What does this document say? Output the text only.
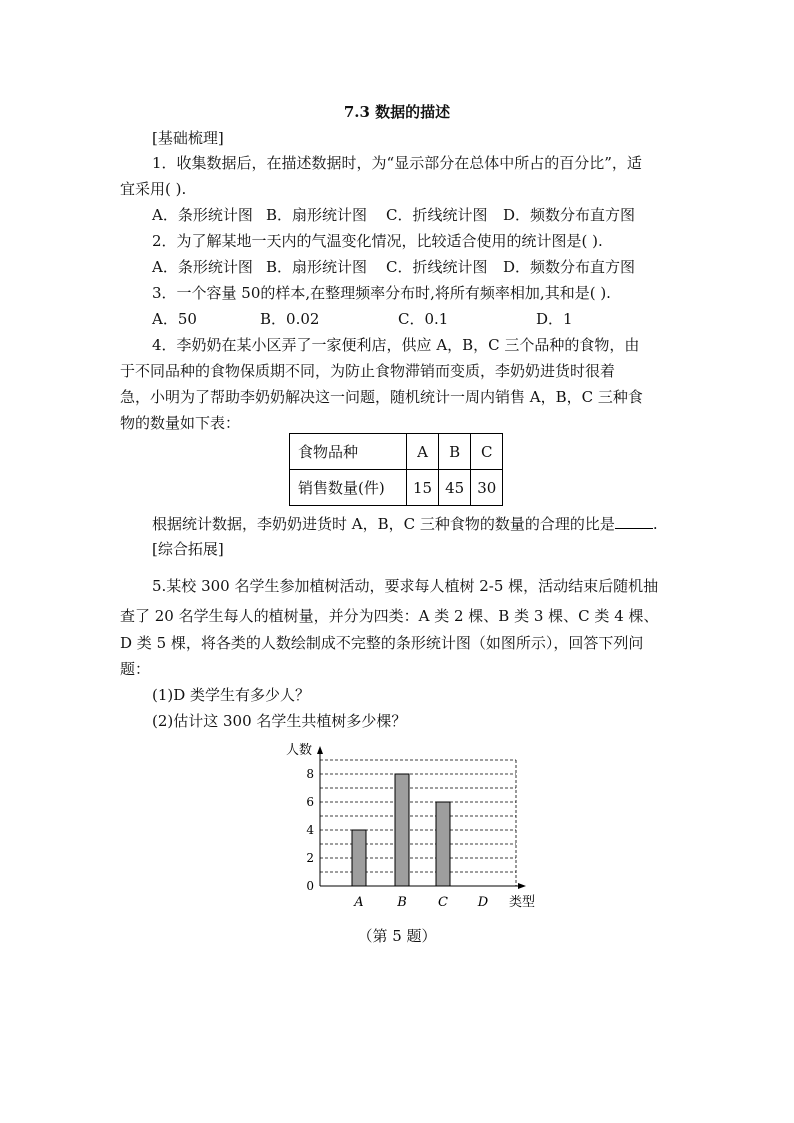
7.3 数据的描述
[基础梳理]
1．收集数据后，在描述数据时，为“显示部分在总体中所占的百分比”，适
宜采用( ).
A．条形统计图 B．扇形统计图 C．折线统计图 D．频数分布直方图
2．为了解某地一天内的气温变化情况，比较适合使用的统计图是( ).
A．条形统计图 B．扇形统计图 C．折线统计图 D．频数分布直方图
3．一个容量 50的样本,在整理频率分布时,将所有频率相加,其和是( ).
A．50	B．0.02	C．0.1	D．1
4．李奶奶在某小区弄了一家便利店，供应 A，B，C 三个品种的食物，由
于不同品种的食物保质期不同，为防止食物滞销而变质，李奶奶进货时很着
急，小明为了帮助李奶奶解决这一问题，随机统计一周内销售 A，B，C 三种食
物的数量如下表：
食物品种	A	B	C
销售数量(件)	15	45	30
根据统计数据，李奶奶进货时 A，B，C 三种食物的数量的合理的比是	.
[综合拓展]
5.某校 300 名学生参加植树活动，要求每人植树 2-5 棵，活动结束后随机抽
查了 20 名学生每人的植树量，并分为四类：A 类 2 棵、B 类 3 棵、C 类 4 棵、
D 类 5 棵，将各类的人数绘制成不完整的条形统计图（如图所示），回答下列问
题：
(1)D 类学生有多少人？
(2)估计这 300 名学生共植树多少棵？
0
2
4
6
8
A	B C D
人数
类型
（第 5 题）
